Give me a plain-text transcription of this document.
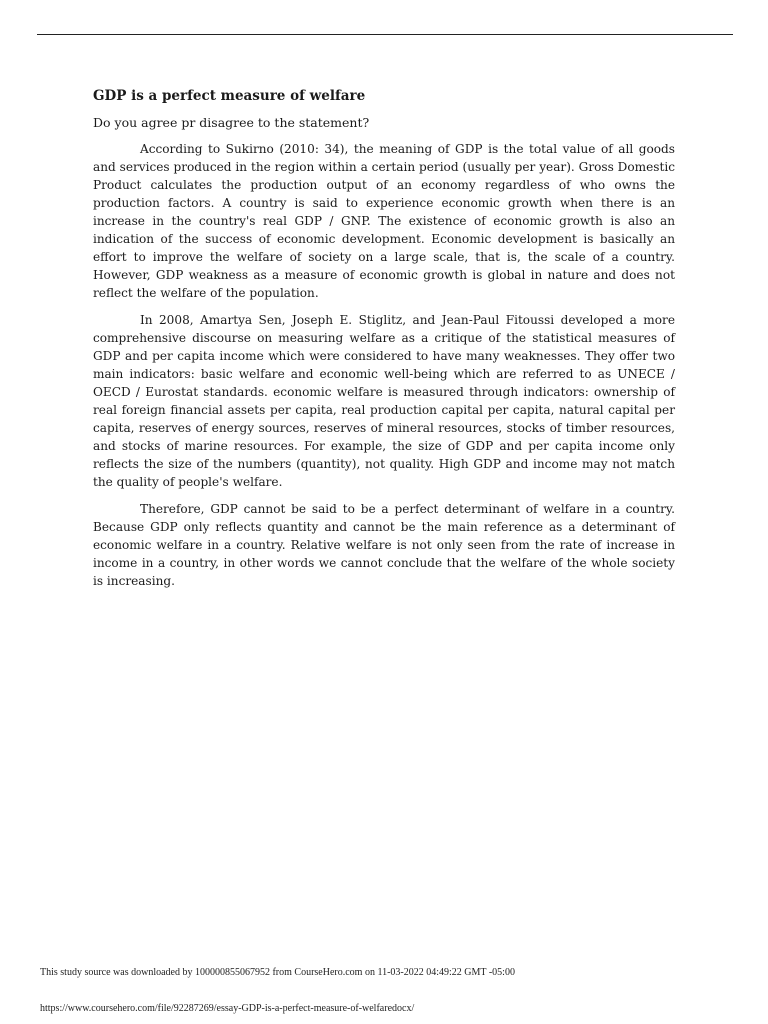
GDP is a perfect measure of welfare
Do you agree pr disagree to the statement?

According to Sukirno (2010: 34), the meaning of GDP is the total value of all goods and services produced in the region within a certain period (usually per year). Gross Domestic Product calculates the production output of an economy regardless of who owns the production factors. A country is said to experience economic growth when there is an increase in the country's real GDP / GNP. The existence of economic growth is also an indication of the success of economic development. Economic development is basically an effort to improve the welfare of society on a large scale, that is, the scale of a country. However, GDP weakness as a measure of economic growth is global in nature and does not reflect the welfare of the population.

In 2008, Amartya Sen, Joseph E. Stiglitz, and Jean-Paul Fitoussi developed a more comprehensive discourse on measuring welfare as a critique of the statistical measures of GDP and per capita income which were considered to have many weaknesses. They offer two main indicators: basic welfare and economic well-being which are referred to as UNECE / OECD / Eurostat standards. economic welfare is measured through indicators: ownership of real foreign financial assets per capita, real production capital per capita, natural capital per capita, reserves of energy sources, reserves of mineral resources, stocks of timber resources, and stocks of marine resources. For example, the size of GDP and per capita income only reflects the size of the numbers (quantity), not quality. High GDP and income may not match the quality of people's welfare.

Therefore, GDP cannot be said to be a perfect determinant of welfare in a country. Because GDP only reflects quantity and cannot be the main reference as a determinant of economic welfare in a country. Relative welfare is not only seen from the rate of increase in income in a country, in other words we cannot conclude that the welfare of the whole society is increasing.

This study source was downloaded by 100000855067952 from CourseHero.com on 11-03-2022 04:49:22 GMT -05:00
https://www.coursehero.com/file/92287269/essay-GDP-is-a-perfect-measure-of-welfaredocx/
